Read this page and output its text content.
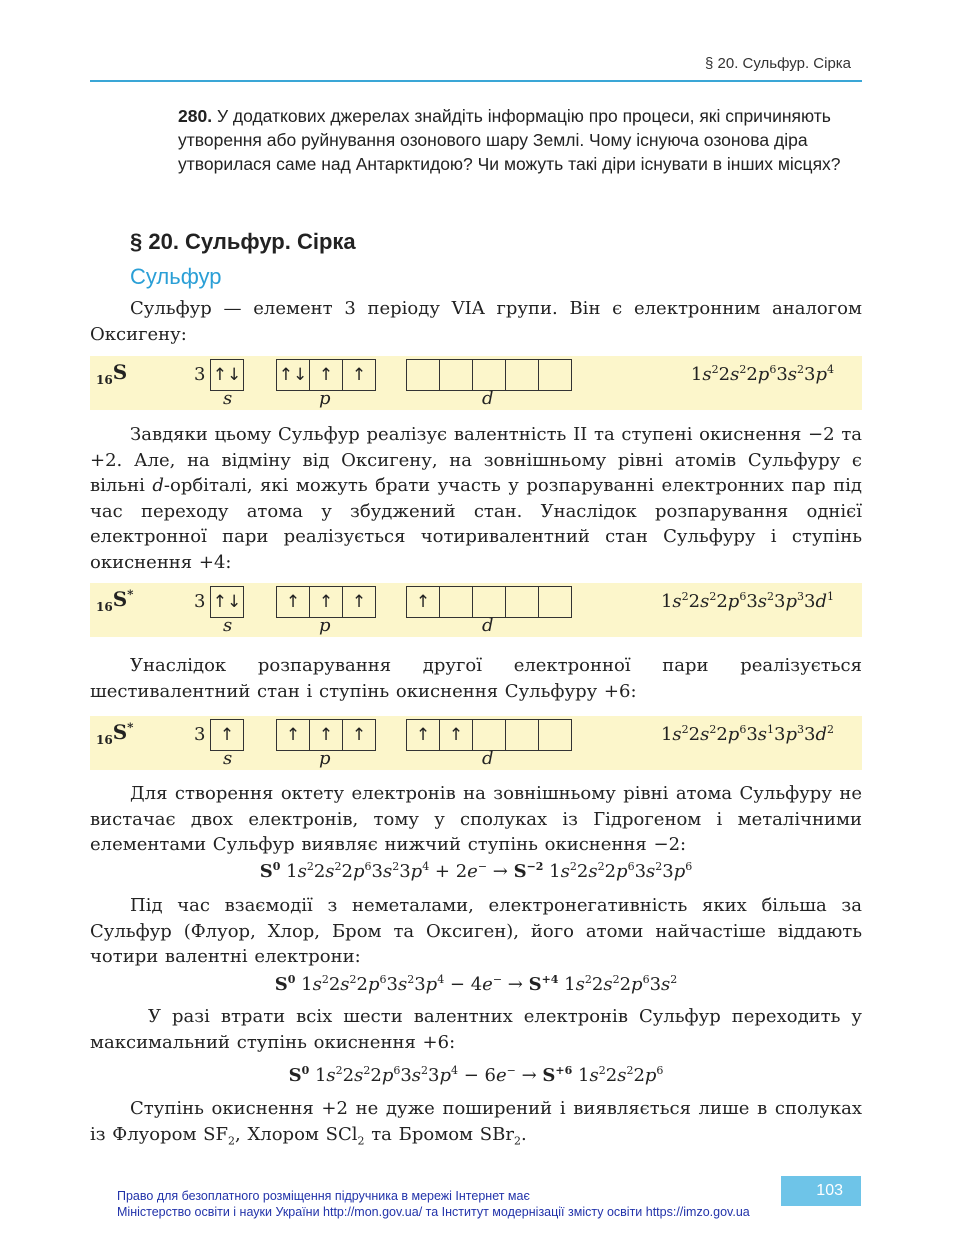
§ 20. Сульфур. Сірка
280. У додаткових джерелах знайдіть інформацію про процеси, які спричиняють утворення або руйнування озонового шару Землі. Чому існуюча озонова діра утворилася саме над Антарктидою? Чи можуть такі діри існувати в інших місцях?
§ 20. Сульфур. Сірка
Сульфур
Сульфур — елемент 3 періоду VIA групи. Він є електронним аналогом Оксигену:
$_{16}$S	3 ↑↓
s
↑↓ ↑	↑
p	d
$1s^22s^22p^63s^23p^4$
Завдяки цьому Сульфур реалізує валентність II та ступені окиснення −2 та +2. Але, на відміну від Оксигену, на зовнішньому рівні атомів Сульфуру є вільні d-орбіталі, які можуть брати участь у розпаруванні електронних пар під час переходу атома у збуджений стан. Унаслідок розпарування однієї електронної пари реалізується чотиривалентний стан Сульфуру і ступінь окиснення +4:
$_{16}$S*	3 ↑↓
s
↑	↑	↑
p
↑
d
$1s^22s^22p^63s^23p^33d^1$
Унаслідок розпарування другої електронної пари реалізується шестивалентний стан і ступінь окиснення Сульфуру +6:
$_{16}$S*	3 ↑
s
↑	↑	↑
p
↑	↑
d
$1s^22s^22p^63s^13p^33d^2$
Для створення октету електронів на зовнішньому рівні атома Сульфуру не вистачає двох електронів, тому у сполуках із Гідрогеном і металічними елементами Сульфур виявляє нижчий ступінь окиснення −2:
$S^0$ $1s^22s^22p^63s^23p^4 + 2e^- \to S^{-2}$ $1s^22s^22p^63s^23p^6$
Під час взаємодії з неметалами, електронегативність яких більша за Сульфур (Флуор, Хлор, Бром та Оксиген), його атоми найчастіше віддають чотири валентні електрони:
$S^0$ $1s^22s^22p^63s^23p^4 - 4e^- \to S^{+4}$ $1s^22s^22p^63s^2$
У разі втрати всіх шести валентних електронів Сульфур переходить у максимальний ступінь окиснення +6:
$S^0$ $1s^22s^22p^63s^23p^4 - 6e^- \to S^{+6}$ $1s^22s^22p^6$
Ступінь окиснення +2 не дуже поширений і виявляється лише в сполуках із Флуором $SF_2$, Хлором SCl$_2$ та Бромом SBr$_2$.
103
Право для безоплатного розміщення підручника в мережі Інтернет має
Міністерство освіти і науки України http://mon.gov.ua/ та Інститут модернізації змісту освіти https://imzo.gov.ua
